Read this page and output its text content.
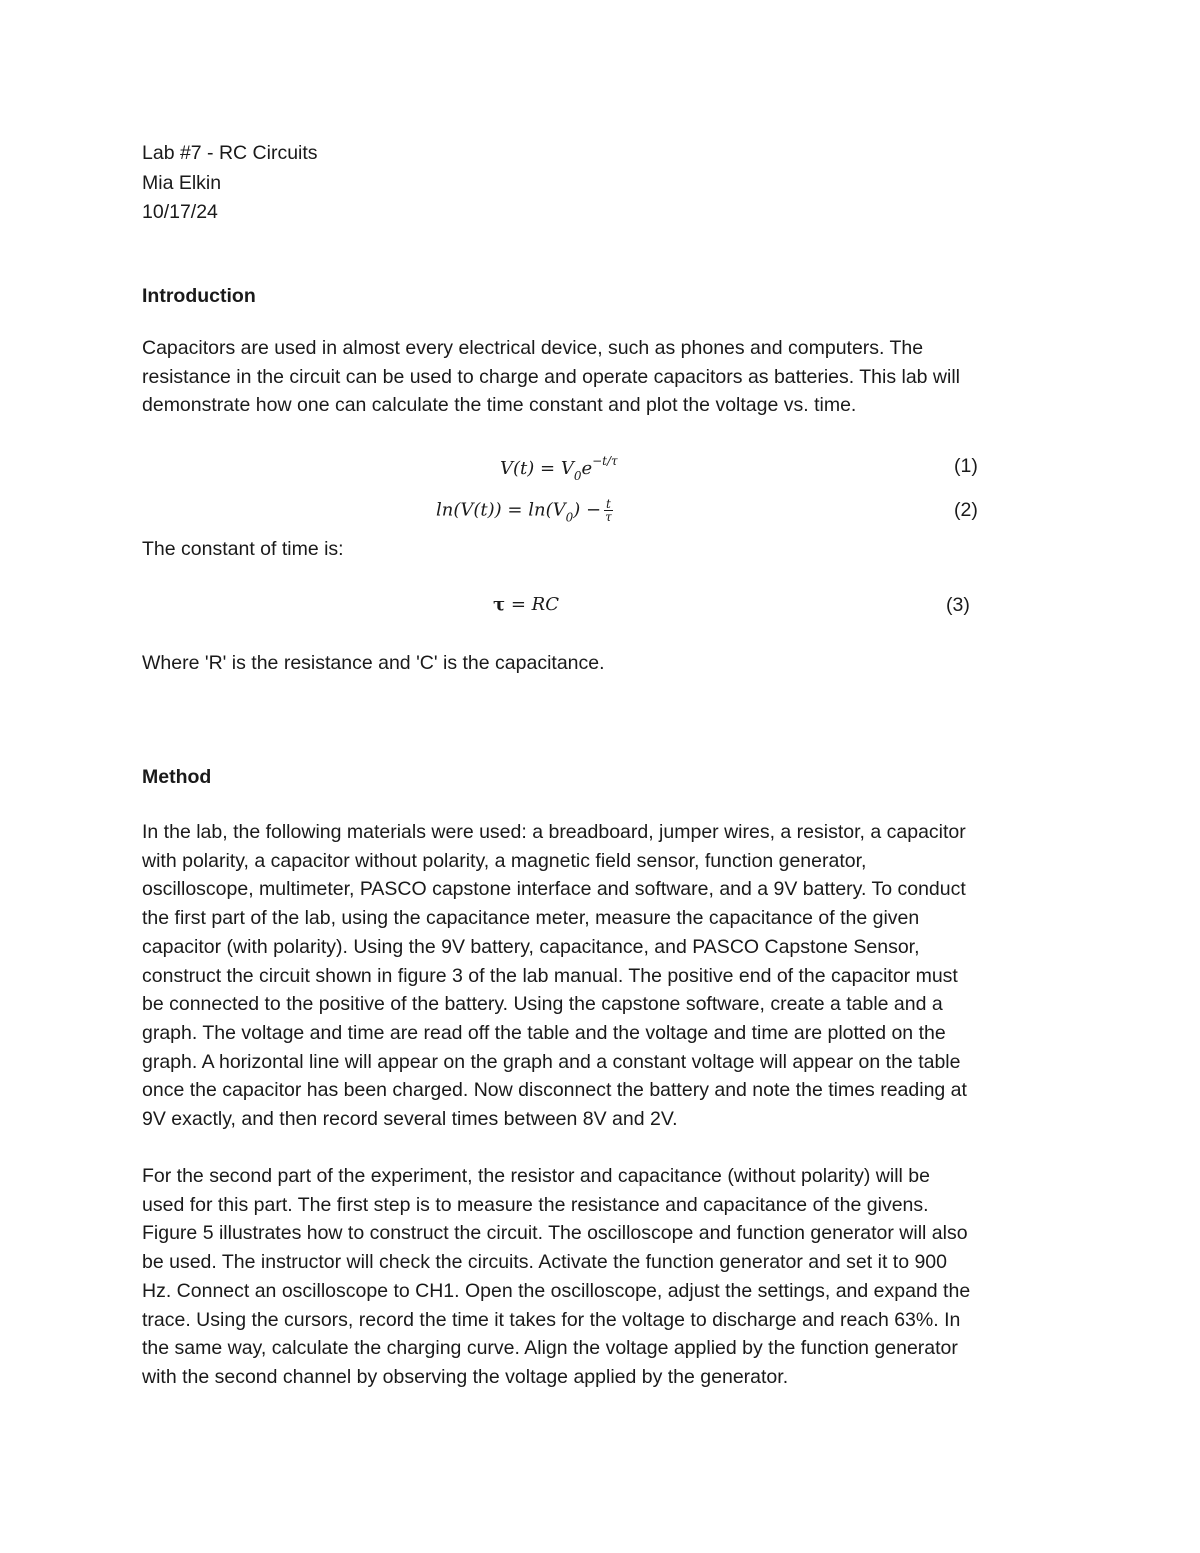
Lab #7 - RC Circuits
Mia Elkin
10/17/24
Introduction
Capacitors are used in almost every electrical device, such as phones and computers. The
resistance in the circuit can be used to charge and operate capacitors as batteries. This lab will
demonstrate how one can calculate the time constant and plot the voltage vs. time.
$V(t) = V_0e^{-t/\tau}$	(1)
$\ln(V(t)) = \ln(V_0) - \frac{t}{\tau}$	(2)
The constant of time is:
τ = RC	(3)
Where 'R' is the resistance and 'C' is the capacitance.
Method
In the lab, the following materials were used: a breadboard, jumper wires, a resistor, a capacitor
with polarity, a capacitor without polarity, a magnetic field sensor, function generator,
oscilloscope, multimeter, PASCO capstone interface and software, and a 9V battery. To conduct
the first part of the lab, using the capacitance meter, measure the capacitance of the given
capacitor (with polarity). Using the 9V battery, capacitance, and PASCO Capstone Sensor,
construct the circuit shown in figure 3 of the lab manual. The positive end of the capacitor must
be connected to the positive of the battery. Using the capstone software, create a table and a
graph. The voltage and time are read off the table and the voltage and time are plotted on the
graph. A horizontal line will appear on the graph and a constant voltage will appear on the table
once the capacitor has been charged. Now disconnect the battery and note the times reading at
9V exactly, and then record several times between 8V and 2V.
For the second part of the experiment, the resistor and capacitance (without polarity) will be
used for this part. The first step is to measure the resistance and capacitance of the givens.
Figure 5 illustrates how to construct the circuit. The oscilloscope and function generator will also
be used. The instructor will check the circuits. Activate the function generator and set it to 900
Hz. Connect an oscilloscope to CH1. Open the oscilloscope, adjust the settings, and expand the
trace. Using the cursors, record the time it takes for the voltage to discharge and reach 63%. In
the same way, calculate the charging curve. Align the voltage applied by the function generator
with the second channel by observing the voltage applied by the generator.
